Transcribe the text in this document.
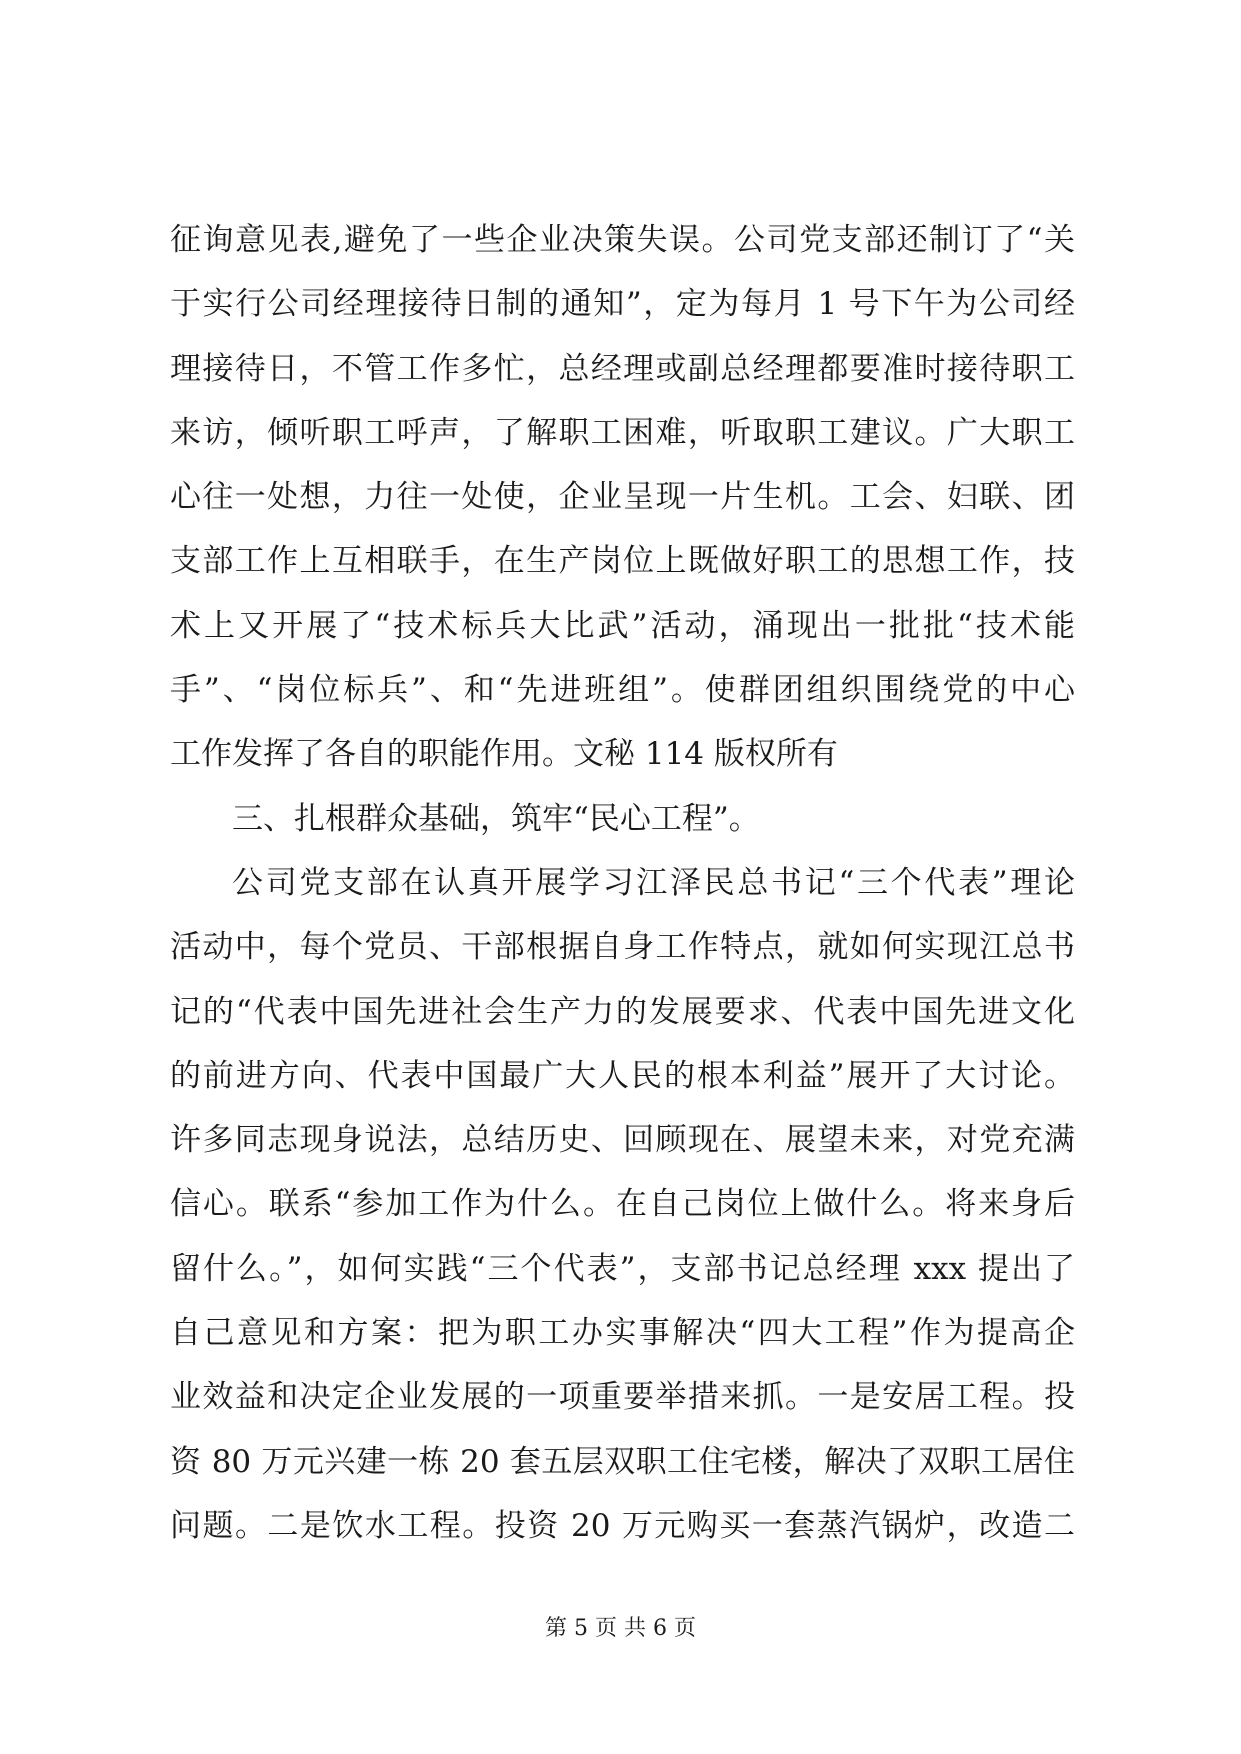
征询意见表,避免了一些企业决策失误。公司党支部还制订了“关
于实行公司经理接待日制的通知”，定为每月 1 号下午为公司经
理接待日，不管工作多忙，总经理或副总经理都要准时接待职工
来访，倾听职工呼声，了解职工困难，听取职工建议。广大职工
心往一处想，力往一处使，企业呈现一片生机。工会、妇联、团
支部工作上互相联手，在生产岗位上既做好职工的思想工作，技
术上又开展了“技术标兵大比武”活动，涌现出一批批“技术能
手”、“岗位标兵”、和“先进班组”。使群团组织围绕党的中心
工作发挥了各自的职能作用。文秘 114 版权所有
三、扎根群众基础，筑牢“民心工程”。
公司党支部在认真开展学习江泽民总书记“三个代表”理论
活动中，每个党员、干部根据自身工作特点，就如何实现江总书
记的“代表中国先进社会生产力的发展要求、代表中国先进文化
的前进方向、代表中国最广大人民的根本利益”展开了大讨论。
许多同志现身说法，总结历史、回顾现在、展望未来，对党充满
信心。联系“参加工作为什么。在自己岗位上做什么。将来身后
留什么。”，如何实践“三个代表”，支部书记总经理 xxx 提出了
自己意见和方案：把为职工办实事解决“四大工程”作为提高企
业效益和决定企业发展的一项重要举措来抓。一是安居工程。投
资 80 万元兴建一栋 20 套五层双职工住宅楼，解决了双职工居住
问题。二是饮水工程。投资 20 万元购买一套蒸汽锅炉，改造二
第 5 页 共 6 页
